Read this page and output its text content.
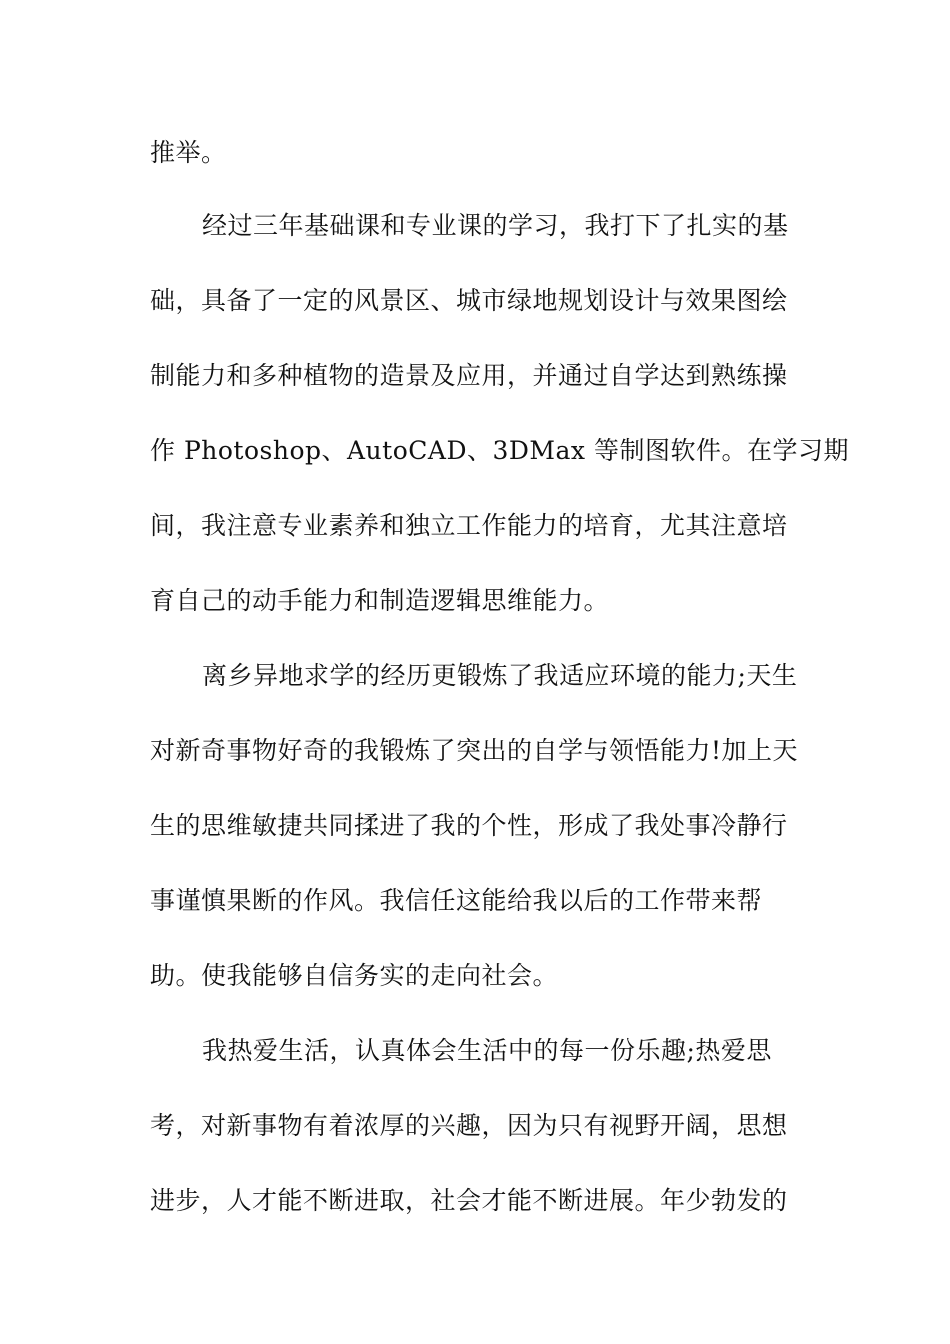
推举。
经过三年基础课和专业课的学习，我打下了扎实的基
础，具备了一定的风景区、城市绿地规划设计与效果图绘
制能力和多种植物的造景及应用，并通过自学达到熟练操
作 Photoshop、AutoCAD、3DMax 等制图软件。在学习期
间，我注意专业素养和独立工作能力的培育，尤其注意培
育自己的动手能力和制造逻辑思维能力。
离乡异地求学的经历更锻炼了我适应环境的能力;天生
对新奇事物好奇的我锻炼了突出的自学与领悟能力!加上天
生的思维敏捷共同揉进了我的个性，形成了我处事冷静行
事谨慎果断的作风。我信任这能给我以后的工作带来帮
助。使我能够自信务实的走向社会。
我热爱生活，认真体会生活中的每一份乐趣;热爱思
考，对新事物有着浓厚的兴趣，因为只有视野开阔，思想
进步，人才能不断进取，社会才能不断进展。年少勃发的
